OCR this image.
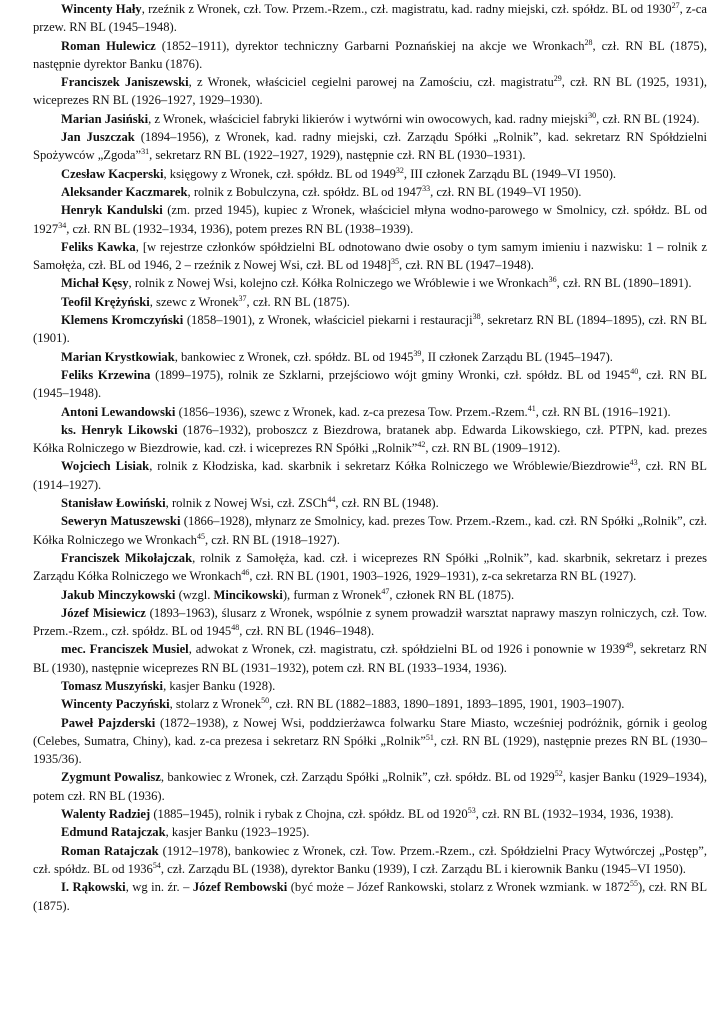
Wincenty Hały, rzeźnik z Wronek, czł. Tow. Przem.-Rzem., czł. magistratu, kad. radny miejski, czł. spółdz. BL od 1930$^{27}$, z-ca przew. RN BL (1945–1948).

Roman Hulewicz (1852–1911), dyrektor techniczny Garbarni Poznańskiej na akcje we Wronkach$^{28}$, czł. RN BL (1875), następnie dyrektor Banku (1876).

Franciszek Janiszewski, z Wronek, właściciel cegielni parowej na Zamościu, czł. magistratu$^{29}$, czł. RN BL (1925, 1931), wiceprezes RN BL (1926–1927, 1929–1930).

Marian Jasiński, z Wronek, właściciel fabryki likierów i wytwórni win owocowych, kad. radny miejski$^{30}$, czł. RN BL (1924).

Jan Juszczak (1894–1956), z Wronek, kad. radny miejski, czł. Zarządu Spółki „Rolnik”, kad. sekretarz RN Spółdzielni Spożywców „Zgoda”$^{31}$, sekretarz RN BL (1922–1927, 1929), następnie czł. RN BL (1930–1931).

Czesław Kacperski, księgowy z Wronek, czł. spółdz. BL od 1949$^{32}$, III członek Zarządu BL (1949–VI 1950).

Aleksander Kaczmarek, rolnik z Bobulczyna, czł. spółdz. BL od 1947$^{33}$, czł. RN BL (1949–VI 1950).

Henryk Kandulski (zm. przed 1945), kupiec z Wronek, właściciel młyna wodno-parowego w Smolnicy, czł. spółdz. BL od 1927$^{34}$, czł. RN BL (1932–1934, 1936), potem prezes RN BL (1938–1939).

Feliks Kawka, [w rejestrze członków spółdzielni BL odnotowano dwie osoby o tym samym imieniu i nazwisku: 1 – rolnik z Samołęża, czł. BL od 1946, 2 – rzeźnik z Nowej Wsi, czł. BL od 1948]$^{35}$, czł. RN BL (1947–1948).

Michał Kęsy, rolnik z Nowej Wsi, kolejno czł. Kółka Rolniczego we Wróblewie i we Wronkach$^{36}$, czł. RN BL (1890–1891).

Teofil Krężyński, szewc z Wronek$^{37}$, czł. RN BL (1875).

Klemens Kromczyński (1858–1901), z Wronek, właściciel piekarni i restauracji$^{38}$, sekretarz RN BL (1894–1895), czł. RN BL (1901).

Marian Krystkowiak, bankowiec z Wronek, czł. spółdz. BL od 1945$^{39}$, II członek Zarządu BL (1945–1947).

Feliks Krzewina (1899–1975), rolnik ze Szklarni, przejściowo wójt gminy Wronki, czł. spółdz. BL od 1945$^{40}$, czł. RN BL (1945–1948).

Antoni Lewandowski (1856–1936), szewc z Wronek, kad. z-ca prezesa Tow. Przem.-Rzem.$^{41}$, czł. RN BL (1916–1921).

ks. Henryk Likowski (1876–1932), proboszcz z Biezdrowa, bratanek abp. Edwarda Likowskiego, czł. PTPN, kad. prezes Kółka Rolniczego w Biezdrowie, kad. czł. i wiceprezes RN Spółki „Rolnik”$^{42}$, czł. RN BL (1909–1912).

Wojciech Lisiak, rolnik z Kłodziska, kad. skarbnik i sekretarz Kółka Rolniczego we Wróblewie/Biezdrowie$^{43}$, czł. RN BL (1914–1927).

Stanisław Łowiński, rolnik z Nowej Wsi, czł. ZSCh$^{44}$, czł. RN BL (1948).

Seweryn Matuszewski (1866–1928), młynarz ze Smolnicy, kad. prezes Tow. Przem.-Rzem., kad. czł. RN Spółki „Rolnik”, czł. Kółka Rolniczego we Wronkach$^{45}$, czł. RN BL (1918–1927).

Franciszek Mikołajczak, rolnik z Samołęża, kad. czł. i wiceprezes RN Spółki „Rolnik”, kad. skarbnik, sekretarz i prezes Zarządu Kółka Rolniczego we Wronkach$^{46}$, czł. RN BL (1901, 1903–1926, 1929–1931), z-ca sekretarza RN BL (1927).

Jakub Minczykowski (wzgl. Mincikowski), furman z Wronek$^{47}$, członek RN BL (1875).

Józef Misiewicz (1893–1963), ślusarz z Wronek, wspólnie z synem prowadził warsztat naprawy maszyn rolniczych, czł. Tow. Przem.-Rzem., czł. spółdz. BL od 1945$^{48}$, czł. RN BL (1946–1948).

mec. Franciszek Musiel, adwokat z Wronek, czł. magistratu, czł. spółdzielni BL od 1926 i ponownie w 1939$^{49}$, sekretarz RN BL (1930), następnie wiceprezes RN BL (1931–1932), potem czł. RN BL (1933–1934, 1936).

Tomasz Muszyński, kasjer Banku (1928).

Wincenty Paczyński, stolarz z Wronek$^{50}$, czł. RN BL (1882–1883, 1890–1891, 1893–1895, 1901, 1903–1907).

Paweł Pajzderski (1872–1938), z Nowej Wsi, poddzierżawca folwarku Stare Miasto, wcześniej podróżnik, górnik i geolog (Celebes, Sumatra, Chiny), kad. z-ca prezesa i sekretarz RN Spółki „Rolnik”$^{51}$, czł. RN BL (1929), następnie prezes RN BL (1930–1935/36).

Zygmunt Powalisz, bankowiec z Wronek, czł. Zarządu Spółki „Rolnik”, czł. spółdz. BL od 1929$^{52}$, kasjer Banku (1929–1934), potem czł. RN BL (1936).

Walenty Radziej (1885–1945), rolnik i rybak z Chojna, czł. spółdz. BL od 1920$^{53}$, czł. RN BL (1932–1934, 1936, 1938).

Edmund Ratajczak, kasjer Banku (1923–1925).

Roman Ratajczak (1912–1978), bankowiec z Wronek, czł. Tow. Przem.-Rzem., czł. Spółdzielni Pracy Wytwórczej „Postęp”, czł. spółdz. BL od 1936$^{54}$, czł. Zarządu BL (1938), dyrektor Banku (1939), I czł. Zarządu BL i kierownik Banku (1945–VI 1950).

I. Rąkowski, wg in. źr. – Józef Rembowski (być może – Józef Rankowski, stolarz z Wronek wzmiank. w 1872$^{55}$), czł. RN BL (1875).
